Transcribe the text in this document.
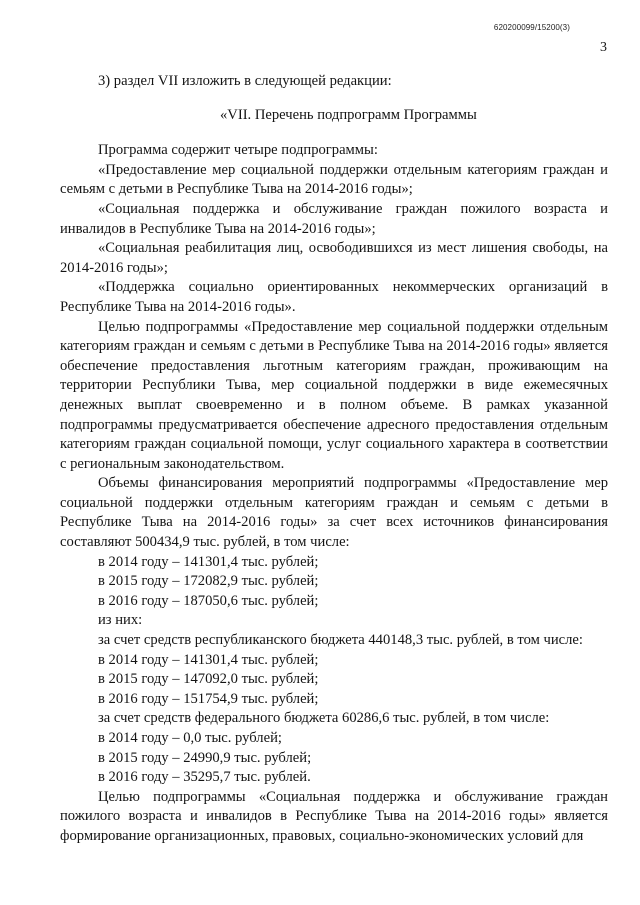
620200099/15200(3)
3

3) раздел VII изложить в следующей редакции:

«VII. Перечень подпрограмм Программы

Программа содержит четыре подпрограммы:

«Предоставление мер социальной поддержки отдельным категориям граждан и семьям с детьми в Республике Тыва на 2014-2016 годы»;

«Социальная поддержка и обслуживание граждан пожилого возраста и инвалидов в Республике Тыва на 2014-2016 годы»;

«Социальная реабилитация лиц, освободившихся из мест лишения свободы, на 2014-2016 годы»;

«Поддержка социально ориентированных некоммерческих организаций в Республике Тыва на 2014-2016 годы».

Целью подпрограммы «Предоставление мер социальной поддержки отдельным категориям граждан и семьям с детьми в Республике Тыва на 2014-2016 годы» является обеспечение предоставления льготным категориям граждан, проживающим на территории Республики Тыва, мер социальной поддержки в виде ежемесячных денежных выплат своевременно и в полном объеме. В рамках указанной подпрограммы предусматривается обеспечение адресного предоставления отдельным категориям граждан социальной помощи, услуг социального характера в соответствии с региональным законодательством.

Объемы финансирования мероприятий подпрограммы «Предоставление мер социальной поддержки отдельным категориям граждан и семьям с детьми в Республике Тыва на 2014-2016 годы» за счет всех источников финансирования составляют 500434,9 тыс. рублей, в том числе:

в 2014 году – 141301,4 тыс. рублей;

в 2015 году – 172082,9 тыс. рублей;

в 2016 году – 187050,6 тыс. рублей;

из них:

за счет средств республиканского бюджета 440148,3 тыс. рублей, в том числе:

в 2014 году – 141301,4 тыс. рублей;

в 2015 году – 147092,0 тыс. рублей;

в 2016 году – 151754,9 тыс. рублей;

за счет средств федерального бюджета 60286,6 тыс. рублей, в том числе:

в 2014 году – 0,0 тыс. рублей;

в 2015 году – 24990,9 тыс. рублей;

в 2016 году – 35295,7 тыс. рублей.

Целью подпрограммы «Социальная поддержка и обслуживание граждан пожилого возраста и инвалидов в Республике Тыва на 2014-2016 годы» является формирование организационных, правовых, социально-экономических условий для
